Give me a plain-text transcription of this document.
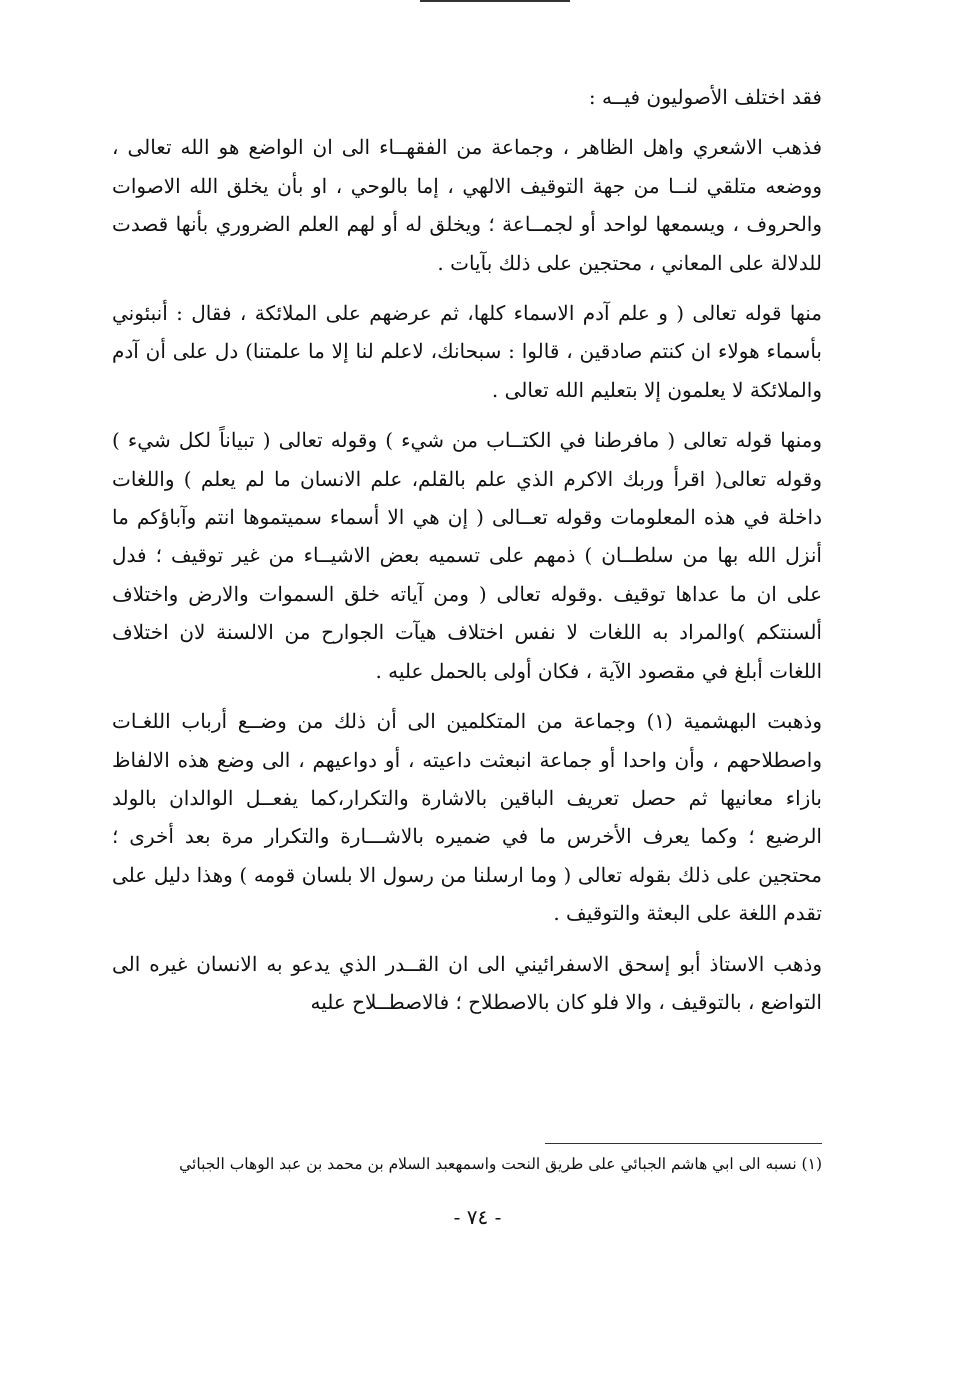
فقد اختلف الأصوليون فيــه :

فذهب الاشعري واهل الظاهر ، وجماعة من الفقهــاء الى ان الواضع هو الله تعالى ، ووضعه متلقي لنــا من جهة التوقيف الالهي ، إما بالوحي ، او بأن يخلق الله الاصوات والحروف ، ويسمعها لواحد أو لجمــاعة ؛ ويخلق له أو لهم العلم الضروري بأنها قصدت للدلالة على المعاني ، محتجين على ذلك بآيات .

منها قوله تعالى ( و علم آدم الاسماء كلها، ثم عرضهم على الملائكة ، فقال : أنبئوني بأسماء هولاء ان كنتم صادقين ، قالوا : سبحانك، لاعلم لنا إلا ما علمتنا) دل على أن آدم والملائكة لا يعلمون إلا بتعليم الله تعالى .

ومنها قوله تعالى ( مافرطنا في الكتــاب من شيء ) وقوله تعالى ( تبياناً لكل شيء ) وقوله تعالى( اقرأ وربك الاكرم الذي علم بالقلم، علم الانسان ما لم يعلم ) واللغات داخلة في هذه المعلومات وقوله تعــالى ( إن هي الا أسماء سميتموها انتم وآباؤكم ما أنزل الله بها من سلطــان ) ذمهم على تسميه بعض الاشيــاء من غير توقيف ؛ فدل على ان ما عداها توقيف .وقوله تعالى ( ومن آياته خلق السموات والارض واختلاف ألسنتكم )والمراد به اللغات لا نفس اختلاف هيآت الجوارح من الالسنة لان اختلاف اللغات أبلغ في مقصود الآية ، فكان أولى بالحمل عليه .

وذهبت البهشمية (١) وجماعة من المتكلمين الى أن ذلك من وضــع أرباب اللغـات واصطلاحهم ، وأن واحدا أو جماعة انبعثت داعيته ، أو دواعيهم ، الى وضع هذه الالفاظ بازاء معانيها ثم حصل تعريف الباقين بالاشارة والتكرار،كما يفعــل الوالدان بالولد الرضيع ؛ وكما يعرف الأخرس ما في ضميره بالاشـــارة والتكرار مرة بعد أخرى ؛ محتجين على ذلك بقوله تعالى ( وما ارسلنا من رسول الا بلسان قومه ) وهذا دليل على تقدم اللغة على البعثة والتوقيف .

وذهب الاستاذ أبو إسحق الاسفرائيني الى ان القــدر الذي يدعو به الانسان غيره الى التواضع ، بالتوقيف ، والا فلو كان بالاصطلاح ؛ فالاصطــلاح عليه

(١) نسبه الى ابي هاشم الجبائي على طريق النحت واسمهعبد السلام بن محمد بن عبد الوهاب الجبائي
- ٧٤ -
